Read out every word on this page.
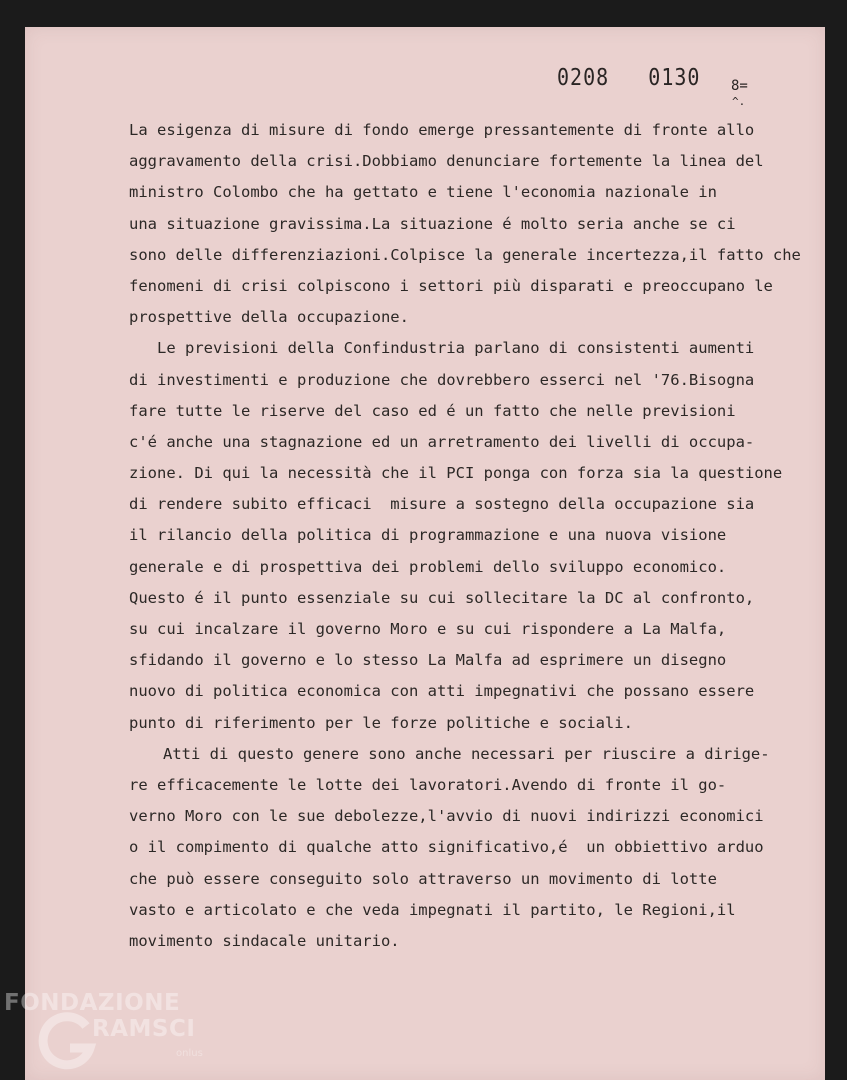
0208   0130 8=
^.
La esigenza di misure di fondo emerge pressantemente di fronte allo
aggravamento della crisi.Dobbiamo denunciare fortemente la linea del
ministro Colombo che ha gettato e tiene l'economia nazionale in
una situazione gravissima.La situazione é molto seria anche se ci
sono delle differenziazioni.Colpisce la generale incertezza,il fatto che
fenomeni di crisi colpiscono i settori più disparati e preoccupano le
prospettive della occupazione.
Le previsioni della Confindustria parlano di consistenti aumenti
di investimenti e produzione che dovrebbero esserci nel '76.Bisogna
fare tutte le riserve del caso ed é un fatto che nelle previsioni
c'é anche una stagnazione ed un arretramento dei livelli di occupa-
zione. Di qui la necessità che il PCI ponga con forza sia la questione
di rendere subito efficaci  misure a sostegno della occupazione sia
il rilancio della politica di programmazione e una nuova visione
generale e di prospettiva dei problemi dello sviluppo economico.
Questo é il punto essenziale su cui sollecitare la DC al confronto,
su cui incalzare il governo Moro e su cui rispondere a La Malfa,
sfidando il governo e lo stesso La Malfa ad esprimere un disegno
nuovo di politica economica con atti impegnativi che possano essere
punto di riferimento per le forze politiche e sociali.
Atti di questo genere sono anche necessari per riuscire a dirige-
re efficacemente le lotte dei lavoratori.Avendo di fronte il go-
verno Moro con le sue debolezze,l'avvio di nuovi indirizzi economici
o il compimento di qualche atto significativo,é  un obbiettivo arduo
che può essere conseguito solo attraverso un movimento di lotte
vasto e articolato e che veda impegnati il partito, le Regioni,il
movimento sindacale unitario.
FONDAZIONE
RAMSCI
onlus
